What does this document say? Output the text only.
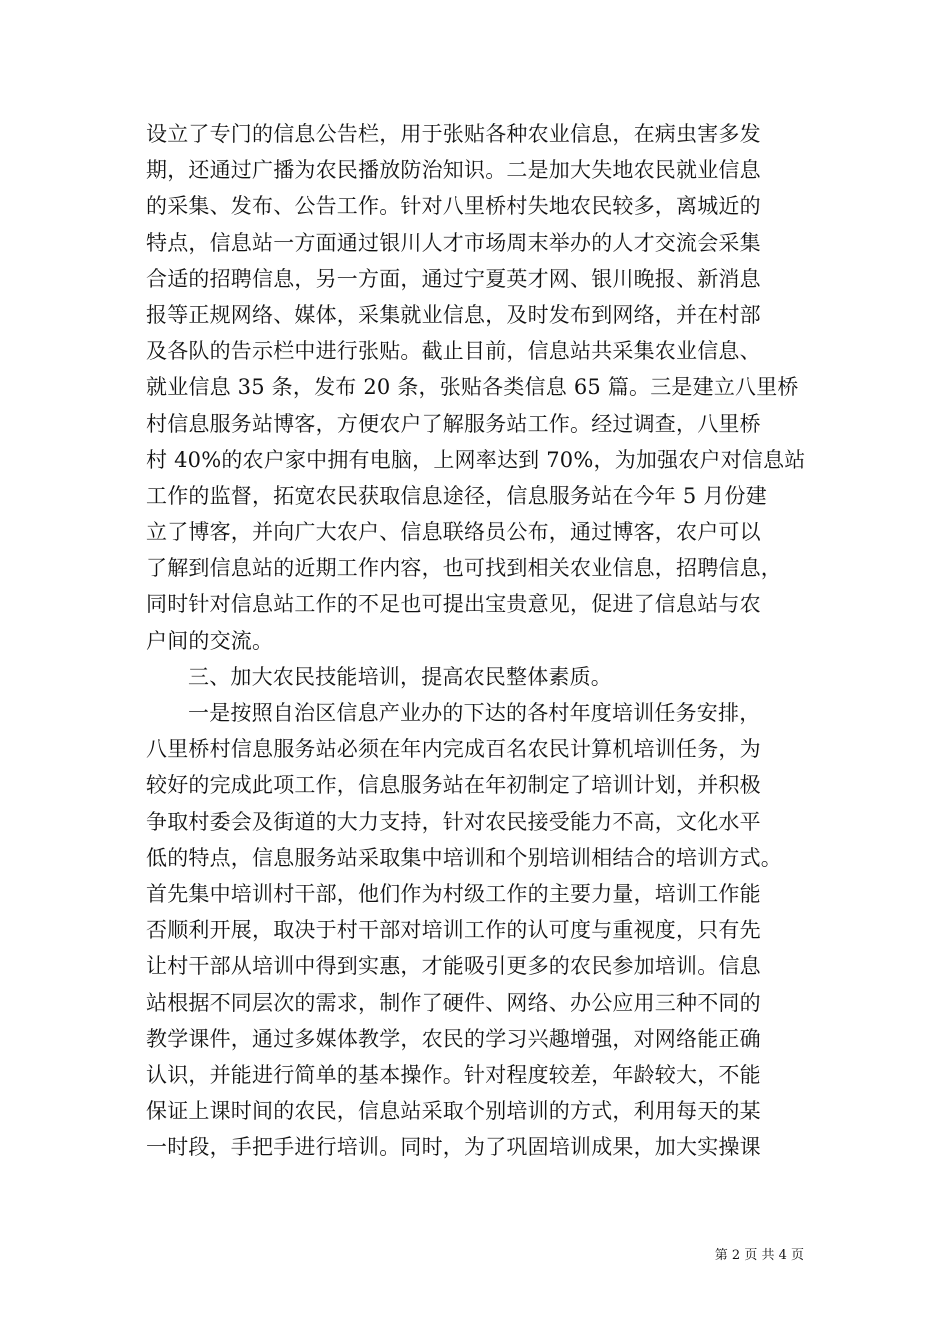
设立了专门的信息公告栏，用于张贴各种农业信息，在病虫害多发
期，还通过广播为农民播放防治知识。二是加大失地农民就业信息
的采集、发布、公告工作。针对八里桥村失地农民较多，离城近的
特点，信息站一方面通过银川人才市场周末举办的人才交流会采集
合适的招聘信息，另一方面，通过宁夏英才网、银川晚报、新消息
报等正规网络、媒体，采集就业信息，及时发布到网络，并在村部
及各队的告示栏中进行张贴。截止目前，信息站共采集农业信息、
就业信息 35 条，发布 20 条，张贴各类信息 65 篇。三是建立八里桥
村信息服务站博客，方便农户了解服务站工作。经过调查，八里桥
村 40%的农户家中拥有电脑，上网率达到 70%，为加强农户对信息站
工作的监督，拓宽农民获取信息途径，信息服务站在今年 5 月份建
立了博客，并向广大农户、信息联络员公布，通过博客，农户可以
了解到信息站的近期工作内容，也可找到相关农业信息，招聘信息，
同时针对信息站工作的不足也可提出宝贵意见，促进了信息站与农
户间的交流。
三、加大农民技能培训，提高农民整体素质。
一是按照自治区信息产业办的下达的各村年度培训任务安排，
八里桥村信息服务站必须在年内完成百名农民计算机培训任务，为
较好的完成此项工作，信息服务站在年初制定了培训计划，并积极
争取村委会及街道的大力支持，针对农民接受能力不高，文化水平
低的特点，信息服务站采取集中培训和个别培训相结合的培训方式。
首先集中培训村干部，他们作为村级工作的主要力量，培训工作能
否顺利开展，取决于村干部对培训工作的认可度与重视度，只有先
让村干部从培训中得到实惠，才能吸引更多的农民参加培训。信息
站根据不同层次的需求，制作了硬件、网络、办公应用三种不同的
教学课件，通过多媒体教学，农民的学习兴趣增强，对网络能正确
认识，并能进行简单的基本操作。针对程度较差，年龄较大，不能
保证上课时间的农民，信息站采取个别培训的方式，利用每天的某
一时段，手把手进行培训。同时，为了巩固培训成果，加大实操课
第 2 页 共 4 页
